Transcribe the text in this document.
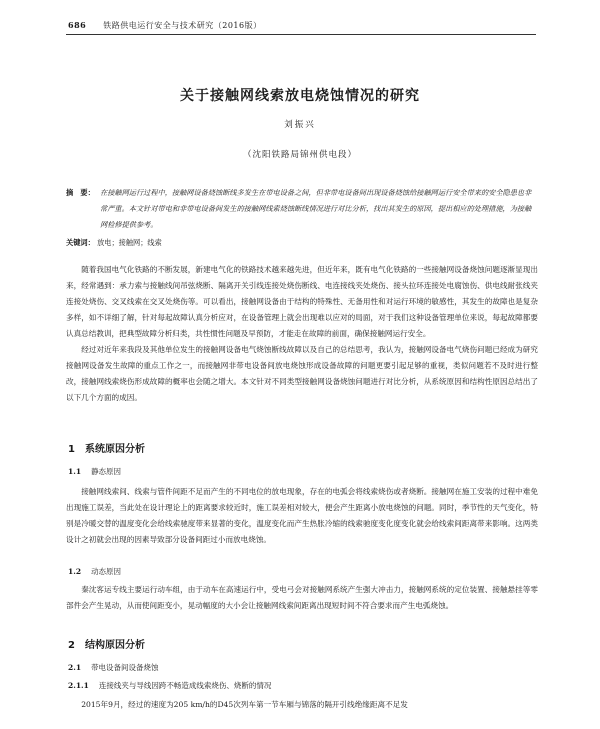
686 铁路供电运行安全与技术研究（2016版）
关于接触网线索放电烧蚀情况的研究
刘振兴
（沈阳铁路局锦州供电段）
摘　要： 在接触网运行过程中，接触网设备烧蚀断线多发生在带电设备之间，但非带电设备间出现设备烧蚀给接触网运行安全带来的安全隐患也非常严重。本文针对带电和非带电设备间发生的接触网线索烧蚀断线情况进行对比分析，找出其发生的原因，提出相应的处理措施，为接触网检修提供参考。
关键词： 放电；接触网；线索

随着我国电气化铁路的不断发展，新建电气化的铁路技术越来越先进，但近年来，既有电气化铁路的一些接触网设备烧蚀问题逐渐显现出来，经常遇到：承力索与接触线间吊弦烧断、隔离开关引线连接处烧伤断线、电连接线夹处烧伤、接头拉环连接处电腐蚀伤、供电线耐张线夹连接处烧伤、交叉线索在交叉处烧伤等。可以看出，接触网设备由于结构的特殊性、无备用性和对运行环境的敏感性，其发生的故障也是复杂多样，如不详细了解，针对每起故障认真分析应对，在设备管理上就会出现难以应对的局面，对于我们这种设备管理单位来说，每起故障都要认真总结教训，把典型故障分析归类，共性惯性问题及早预防，才能走在故障的前面，确保接触网运行安全。

经过对近年来我段及其他单位发生的接触网设备电气烧蚀断线故障以及自己的总结思考，我认为，接触网设备电气烧伤问题已经成为研究接触网设备发生故障的重点工作之一，而接触网非带电设备间放电烧蚀形成设备故障的问题更要引起足够的重视，类似问题若不及时进行整改，接触网线索烧伤形成故障的概率也会随之增大。本文针对不同类型接触网设备烧蚀问题进行对比分析，从系统原因和结构性原因总结出了以下几个方面的成因。

1 系统原因分析
1.1 静态原因

接触网线索间、线索与管件间距不足而产生的不同电位的放电现象，存在的电弧会将线索烧伤或者烧断。接触网在施工安装的过程中难免出现施工误差，当此处在设计理论上的距离要求较近时，施工误差相对较大，便会产生距离小放电烧蚀的问题。同时，季节性的天气变化，特别是冷暖交替的温度变化会给线索驰度带来显著的变化，温度变化而产生热胀冷缩的线索驰度变化度变化就会给线索间距离带来影响。这两类设计之初就会出现的因素导致部分设备间距过小而放电烧蚀。

1.2 动态原因

秦沈客运专线主要运行动车组，由于动车在高速运行中，受电弓会对接触网系统产生强大冲击力，接触网系统的定位装置、接触悬挂等零部件会产生晃动，从而使间距变小，晃动幅度的大小会让接触网线索间距离出现短时间不符合要求而产生电弧烧蚀。

2 结构原因分析
2.1 带电设备间设备烧蚀
2.1.1 连接线夹与导线因跨不畅造成线索烧伤、烧断的情况

2015年9月，经过的速度为205 km/h的D45次列车第一节车厢与锦落的隔开引线绝缘距离不足发
